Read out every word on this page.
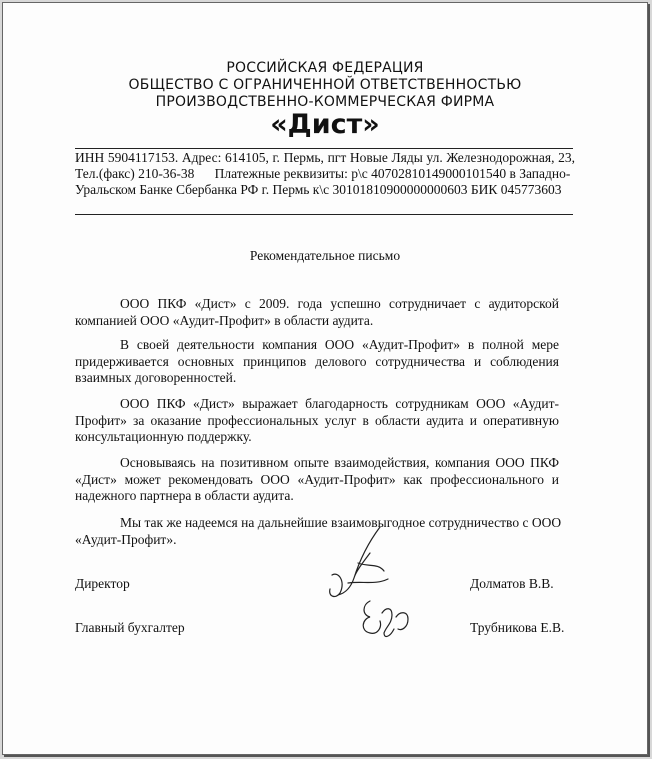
РОССИЙСКАЯ ФЕДЕРАЦИЯ
ОБЩЕСТВО С ОГРАНИЧЕННОЙ ОТВЕТСТВЕННОСТЬЮ
ПРОИЗВОДСТВЕННО-КОММЕРЧЕСКАЯ ФИРМА
«Дист»
ИНН 5904117153. Адрес: 614105, г. Пермь, пгт Новые Ляды ул. Железнодорожная, 23,
Тел.(факс) 210-36-38      Платежные реквизиты: р\с 40702810149000101540 в Западно-
Уральском Банке Сбербанка РФ г. Пермь к\с 30101810900000000603 БИК 045773603
Рекомендательное письмо
ООО ПКФ «Дист» с 2009. года успешно сотрудничает с аудиторской
компанией ООО «Аудит-Профит» в области аудита.
В своей деятельности компания ООО «Аудит-Профит» в полной мере
придерживается основных принципов делового сотрудничества и соблюдения
взаимных договоренностей.
ООО ПКФ «Дист» выражает благодарность сотрудникам ООО «Аудит-
Профит» за оказание профессиональных услуг в области аудита и оперативную
консультационную поддержку.
Основываясь на позитивном опыте взаимодействия, компания ООО ПКФ
«Дист» может рекомендовать ООО «Аудит-Профит» как профессионального и
надежного партнера в области аудита.
Мы так же надеемся на дальнейшие взаимовыгодное сотрудничество с ООО
«Аудит-Профит».
Директор	Долматов В.В.
Главный бухгалтер	Трубникова Е.В.
